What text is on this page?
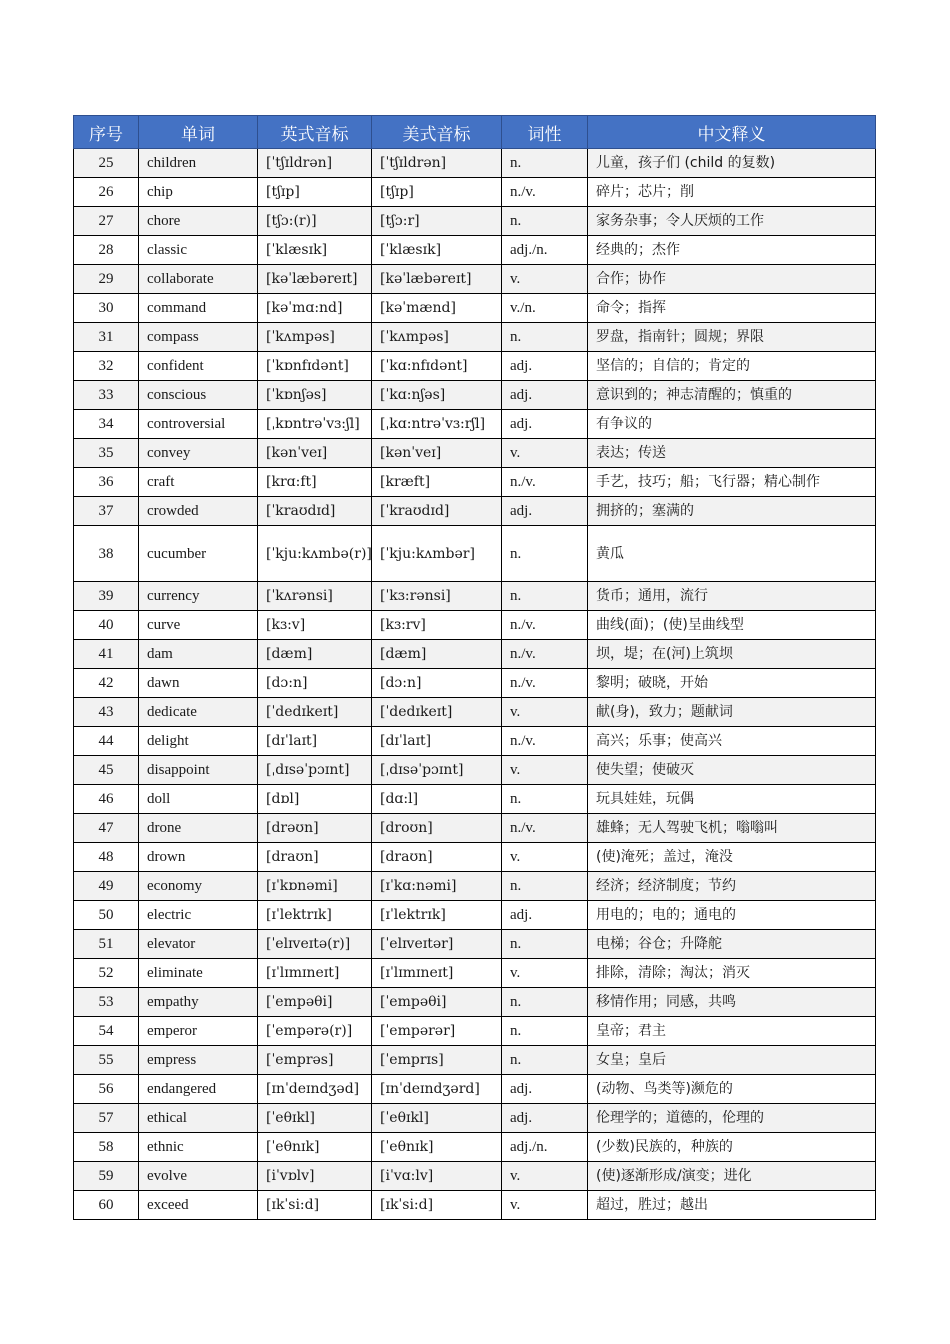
序号	单词	英式音标	美式音标	词性	中文释义
25	children	[ˈtʃɪldrən]	[ˈtʃɪldrən]	n.	儿童，孩子们 (child 的复数)
26	chip	[tʃɪp]	[tʃɪp]	n./v.	碎片；芯片；削
27	chore	[tʃɔ:(r)]	[tʃɔ:r]	n.	家务杂事；令人厌烦的工作
28	classic	[ˈklæsɪk]	[ˈklæsɪk]	adj./n.	经典的；杰作
29	collaborate	[kəˈlæbəreɪt]	[kəˈlæbəreɪt]	v.	合作；协作
30	command	[kəˈmɑ:nd]	[kəˈmænd]	v./n.	命令；指挥
31	compass	[ˈkʌmpəs]	[ˈkʌmpəs]	n.	罗盘，指南针；圆规；界限
32	confident	[ˈkɒnfɪdənt]	[ˈkɑ:nfɪdənt]	adj.	坚信的；自信的；肯定的
33	conscious	[ˈkɒnʃəs]	[ˈkɑ:nʃəs]	adj.	意识到的；神志清醒的；慎重的
34	controversial	[ˌkɒntrəˈvɜ:ʃl]	[ˌkɑ:ntrəˈvɜ:rʃl]	adj.	有争议的
35	convey	[kənˈveɪ]	[kənˈveɪ]	v.	表达；传送
36	craft	[krɑ:ft]	[kræft]	n./v.	手艺，技巧；船；飞行器；精心制作
37	crowded	[ˈkraʊdɪd]	[ˈkraʊdɪd]	adj.	拥挤的；塞满的
38	cucumber	[ˈkju:kʌmbə(r)]	[ˈkju:kʌmbər]	n.	黄瓜
39	currency	[ˈkʌrənsi]	[ˈkɜ:rənsi]	n.	货币；通用，流行
40	curve	[kɜ:v]	[kɜ:rv]	n./v.	曲线(面)；(使)呈曲线型
41	dam	[dæm]	[dæm]	n./v.	坝，堤；在(河)上筑坝
42	dawn	[dɔ:n]	[dɔ:n]	n./v.	黎明；破晓，开始
43	dedicate	[ˈdedɪkeɪt]	[ˈdedɪkeɪt]	v.	献(身)，致力；题献词
44	delight	[dɪˈlaɪt]	[dɪˈlaɪt]	n./v.	高兴；乐事；使高兴
45	disappoint	[ˌdɪsəˈpɔɪnt]	[ˌdɪsəˈpɔɪnt]	v.	使失望；使破灭
46	doll	[dɒl]	[dɑ:l]	n.	玩具娃娃，玩偶
47	drone	[drəʊn]	[droʊn]	n./v.	雄蜂；无人驾驶飞机；嗡嗡叫
48	drown	[draʊn]	[draʊn]	v.	(使)淹死；盖过，淹没
49	economy	[ɪˈkɒnəmi]	[ɪˈkɑ:nəmi]	n.	经济；经济制度；节约
50	electric	[ɪˈlektrɪk]	[ɪˈlektrɪk]	adj.	用电的；电的；通电的
51	elevator	[ˈelɪveɪtə(r)]	[ˈelɪveɪtər]	n.	电梯；谷仓；升降舵
52	eliminate	[ɪˈlɪmɪneɪt]	[ɪˈlɪmɪneɪt]	v.	排除，清除；淘汰；消灭
53	empathy	[ˈempəθi]	[ˈempəθi]	n.	移情作用；同感，共鸣
54	emperor	[ˈempərə(r)]	[ˈempərər]	n.	皇帝；君主
55	empress	[ˈemprəs]	[ˈemprɪs]	n.	女皇；皇后
56	endangered	[ɪnˈdeɪndʒəd]	[ɪnˈdeɪndʒərd]	adj.	(动物、鸟类等)濒危的
57	ethical	[ˈeθɪkl]	[ˈeθɪkl]	adj.	伦理学的；道德的，伦理的
58	ethnic	[ˈeθnɪk]	[ˈeθnɪk]	adj./n.	(少数)民族的，种族的
59	evolve	[iˈvɒlv]	[iˈvɑ:lv]	v.	(使)逐渐形成/演变；进化
60	exceed	[ɪkˈsi:d]	[ɪkˈsi:d]	v.	超过，胜过；越出
